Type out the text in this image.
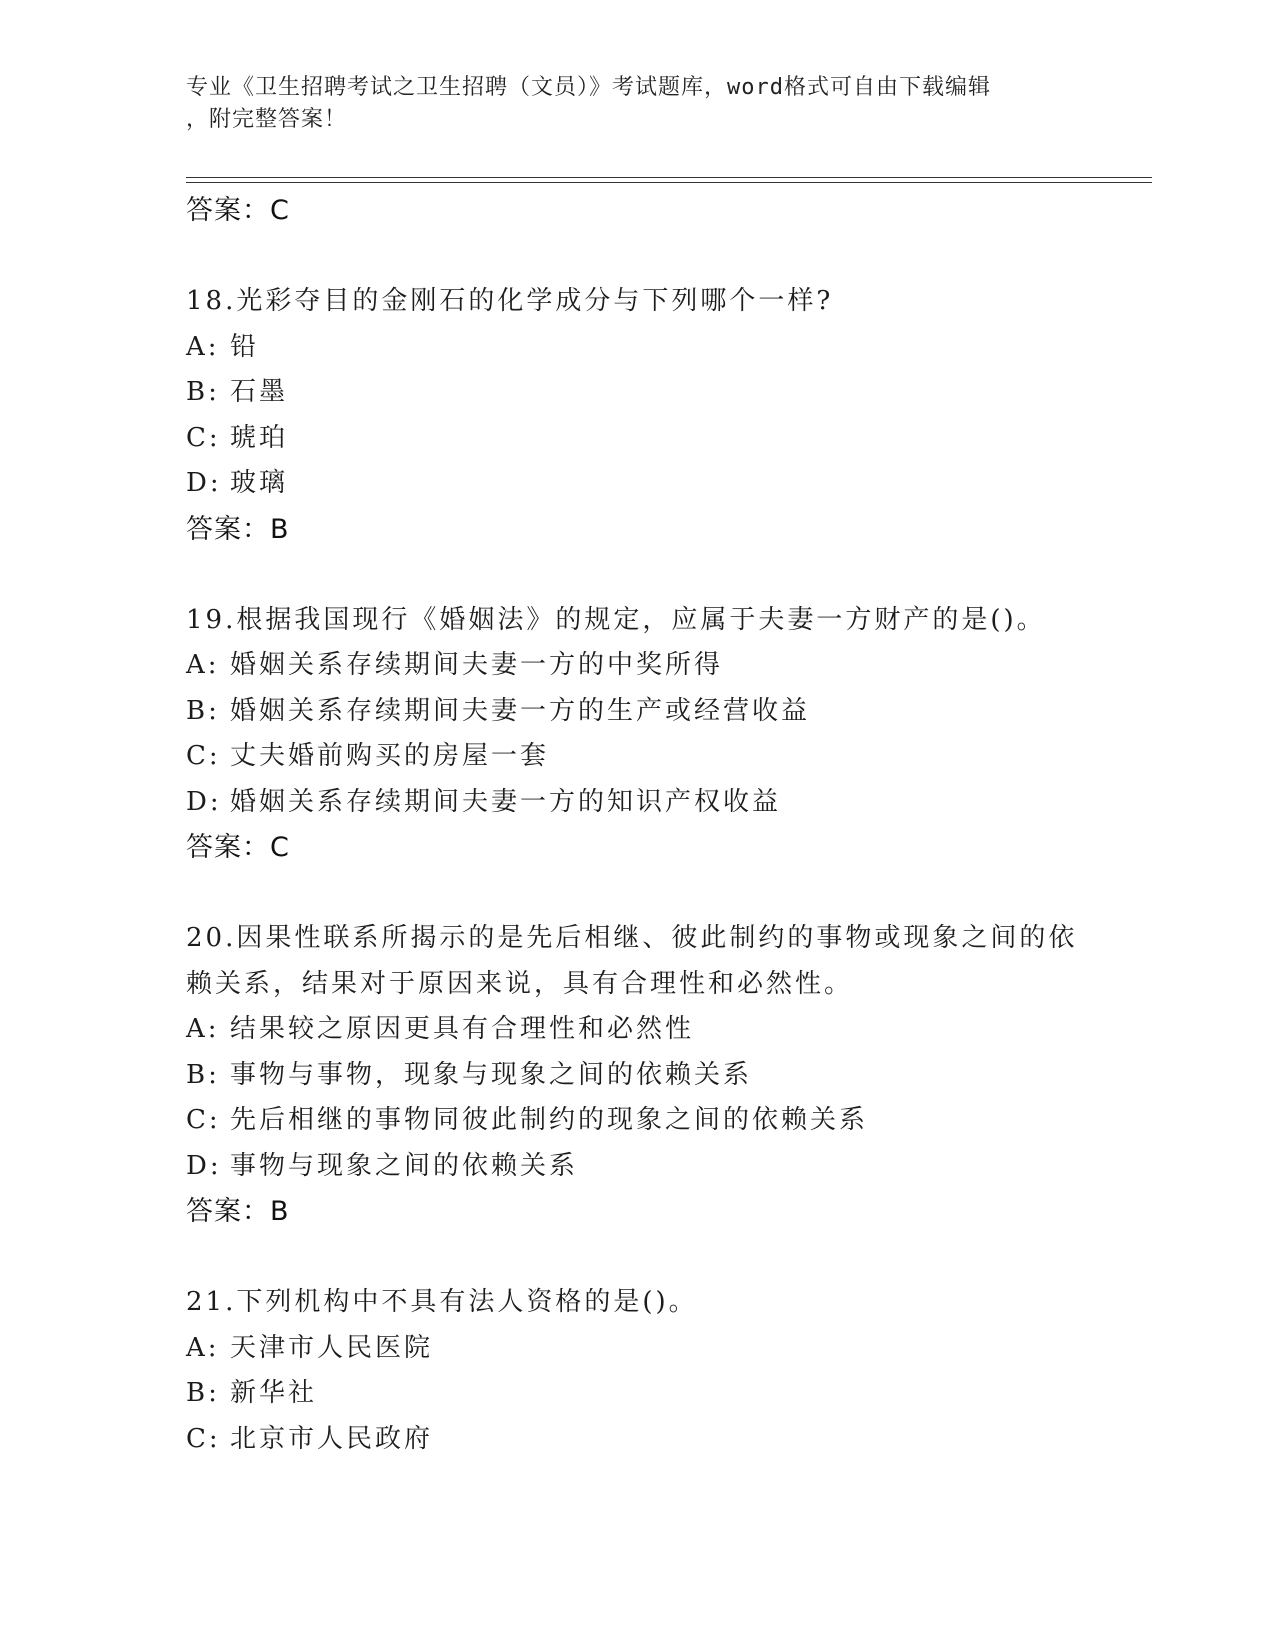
专业《卫生招聘考试之卫生招聘（文员）》考试题库，word格式可自由下载编辑
，附完整答案！
答案：C
18.光彩夺目的金刚石的化学成分与下列哪个一样?
A: 铅
B: 石墨
C: 琥珀
D: 玻璃
答案：B
19.根据我国现行《婚姻法》的规定，应属于夫妻一方财产的是()。
A: 婚姻关系存续期间夫妻一方的中奖所得
B: 婚姻关系存续期间夫妻一方的生产或经营收益
C: 丈夫婚前购买的房屋一套
D: 婚姻关系存续期间夫妻一方的知识产权收益
答案：C
20.因果性联系所揭示的是先后相继、彼此制约的事物或现象之间的依
赖关系，结果对于原因来说，具有合理性和必然性。
A: 结果较之原因更具有合理性和必然性
B: 事物与事物，现象与现象之间的依赖关系
C: 先后相继的事物同彼此制约的现象之间的依赖关系
D: 事物与现象之间的依赖关系
答案：B
21.下列机构中不具有法人资格的是()。
A: 天津市人民医院
B: 新华社
C: 北京市人民政府
